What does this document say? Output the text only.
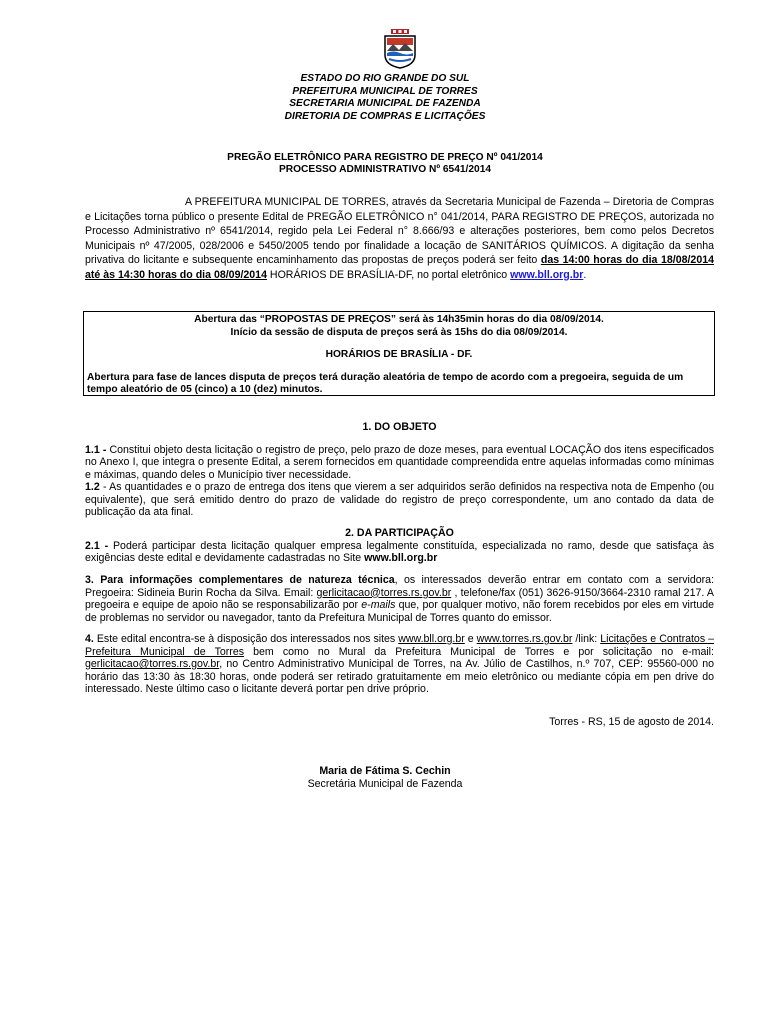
ESTADO DO RIO GRANDE DO SUL
PREFEITURA MUNICIPAL DE TORRES
SECRETARIA MUNICIPAL DE FAZENDA
DIRETORIA DE COMPRAS E LICITAÇÕES
PREGÃO ELETRÔNICO PARA REGISTRO DE PREÇO Nº 041/2014
PROCESSO ADMINISTRATIVO Nº 6541/2014

A PREFEITURA MUNICIPAL DE TORRES, através da Secretaria Municipal de Fazenda – Diretoria de Compras e Licitações torna público o presente Edital de PREGÃO ELETRÔNICO n° 041/2014, PARA REGISTRO DE PREÇOS, autorizada no Processo Administrativo nº 6541/2014, regido pela Lei Federal n° 8.666/93 e alterações posteriores, bem como pelos Decretos Municipais nº 47/2005, 028/2006 e 5450/2005 tendo por finalidade a locação de SANITÁRIOS QUÍMICOS. A digitação da senha privativa do licitante e subsequente encaminhamento das propostas de preços poderá ser feito das 14:00 horas do dia 18/08/2014 até às 14:30 horas do dia 08/09/2014 HORÁRIOS DE BRASÍLIA-DF, no portal eletrônico www.bll.org.br.

Abertura das “PROPOSTAS DE PREÇOS” será às 14h35min horas do dia 08/09/2014.

Início da sessão de disputa de preços será às 15hs do dia 08/09/2014.

HORÁRIOS DE BRASÍLIA - DF.

Abertura para fase de lances disputa de preços terá duração aleatória de tempo de acordo com a pregoeira, seguida de um tempo aleatório de 05 (cinco) a 10 (dez) minutos.

1. DO OBJETO

1.1 - Constitui objeto desta licitação o registro de preço, pelo prazo de doze meses, para eventual LOCAÇÃO dos itens especificados no Anexo I, que integra o presente Edital, a serem fornecidos em quantidade compreendida entre aquelas informadas como mínimas e máximas, quando deles o Município tiver necessidade.

1.2 - As quantidades e o prazo de entrega dos itens que vierem a ser adquiridos serão definidos na respectiva nota de Empenho (ou equivalente), que será emitido dentro do prazo de validade do registro de preço correspondente, um ano contado da data de publicação da ata final.

2. DA PARTICIPAÇÃO

2.1 - Poderá participar desta licitação qualquer empresa legalmente constituída, especializada no ramo, desde que satisfaça às exigências deste edital e devidamente cadastradas no Site www.bll.org.br

3. Para informações complementares de natureza técnica, os interessados deverão entrar em contato com a servidora: Pregoeira: Sidineia Burin Rocha da Silva. Email: gerlicitacao@torres.rs.gov.br , telefone/fax (051) 3626-9150/3664-2310 ramal 217. A pregoeira e equipe de apoio não se responsabilizarão por e-mails que, por qualquer motivo, não forem recebidos por eles em virtude de problemas no servidor ou navegador, tanto da Prefeitura Municipal de Torres quanto do emissor.

4. Este edital encontra-se à disposição dos interessados nos sites www.bll.org.br e www.torres.rs.gov.br /link: Licitações e Contratos – Prefeitura Municipal de Torres bem como no Mural da Prefeitura Municipal de Torres e por solicitação no e-mail: gerlicitacao@torres.rs.gov.br, no Centro Administrativo Municipal de Torres, na Av. Júlio de Castilhos, n.º 707, CEP: 95560-000 no horário das 13:30 às 18:30 horas, onde poderá ser retirado gratuitamente em meio eletrônico ou mediante cópia em pen drive do interessado. Neste último caso o licitante deverá portar pen drive próprio.

Torres - RS, 15 de agosto de 2014.
Maria de Fátima S. Cechin
Secretária Municipal de Fazenda
